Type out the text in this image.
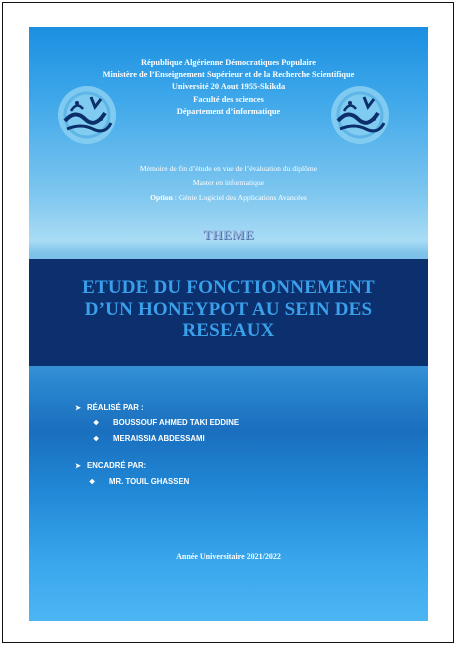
République Algérienne Démocratiques Populaire
Ministère de l’Enseignement Supérieur et de la Recherche Scientifique
Université 20 Aout 1955-Skikda
Faculté des sciences
Département d’informatique
Mémoire de fin d’étude en vue de l’évaluation du diplôme
Master en informatique
Option : Génie Logiciel des Applications Avancées
THEME
ETUDE DU FONCTIONNEMENT
D’UN HONEYPOT AU SEIN DES
RESEAUX
➤ RÉALISÉ PAR :
❖ BOUSSOUF AHMED TAKI EDDINE
❖ MERAISSIA ABDESSAMI
➤ ENCADRÉ PAR:
❖ MR. TOUIL GHASSEN
Année Universitaire 2021/2022
